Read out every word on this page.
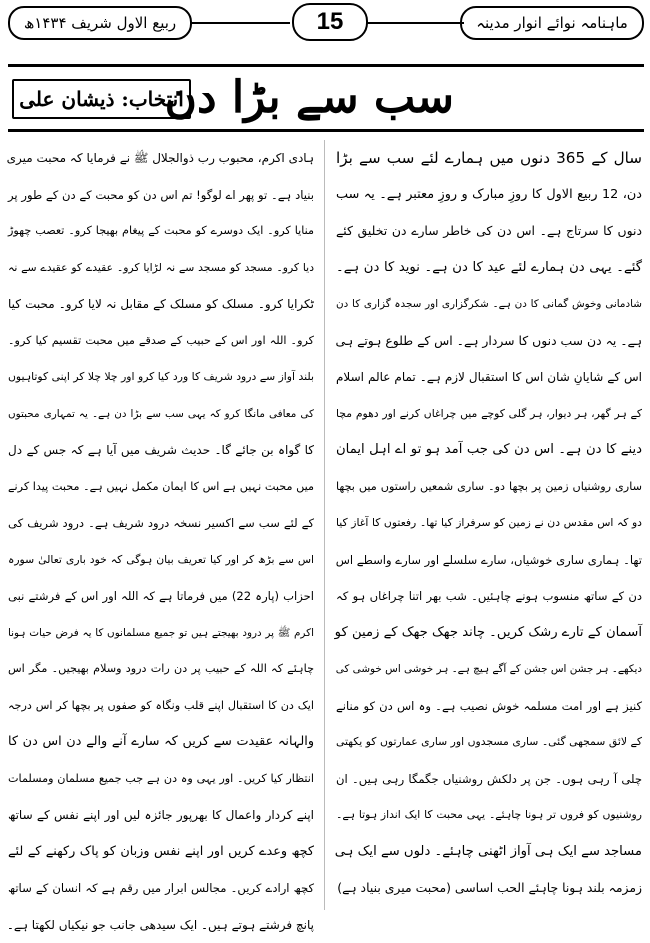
ماہنامہ نوائے انوار مدینہ
15
ربیع الاول شریف ۱۴۳۴ھ
سب سے بڑا دن
انتخاب: ذیشان علی
سال کے 365 دنوں میں ہمارے لئے سب سے بڑا
دن، 12 ربیع الاول کا روزِ مبارک و روزِ معتبر ہے۔ یہ سب
دنوں کا سرتاج ہے۔ اس دن کی خاطر سارے دن تخلیق کئے
گئے۔ یہی دن ہمارے لئے عید کا دن ہے۔ نوید کا دن ہے۔
شادمانی وخوش گمانی کا دن ہے۔ شکرگزاری اور سجدہ گزاری کا دن
ہے۔ یہ دن سب دنوں کا سردار ہے۔ اس کے طلوع ہوتے ہی
اس کے شایانِ شان اس کا استقبال لازم ہے۔ تمام عالم اسلام
کے ہر گھر، ہر دیوار، ہر گلی کوچے میں چراغاں کرنے اور دھوم مچا
دینے کا دن ہے۔ اس دن کی جب آمد ہو تو اے اہل ایمان
ساری روشنیاں زمین پر بچھا دو۔ ساری شمعیں راستوں میں بچھا
دو کہ اس مقدس دن نے زمین کو سرفراز کیا تھا۔ رفعتوں کا آغاز کیا
تھا۔ ہماری ساری خوشیاں، سارے سلسلے اور سارے واسطے اس
دن کے ساتھ منسوب ہونے چاہئیں۔ شب بھر اتنا چراغاں ہو کہ
آسمان کے تارے رشک کریں۔ چاند جھک جھک کے زمین کو
دیکھے۔ ہر جشن اس جشن کے آگے ہیچ ہے۔ ہر خوشی اس خوشی کی
کنیز ہے اور امت مسلمہ خوش نصیب ہے۔ وہ اس دن کو منانے
کے لائق سمجھی گئی۔ ساری مسجدوں اور ساری عمارتوں کو یکھتی
چلی آ رہی ہوں۔ جن پر دلکش روشنیاں جگمگا رہی ہیں۔ ان
روشنیوں کو فروں تر ہونا چاہئے۔ یہی محبت کا ایک انداز ہوتا ہے۔
مساجد سے ایک ہی آواز اٹھنی چاہئے۔ دلوں سے ایک ہی
زمزمہ بلند ہونا چاہئے الحب اساسی (محبت میری بنیاد ہے)
ہادی اکرم، محبوب رب ذوالجلال ﷺ نے فرمایا کہ محبت میری
بنیاد ہے۔ تو پھر اے لوگو! تم اس دن کو محبت کے دن کے طور پر
منایا کرو۔ ایک دوسرے کو محبت کے پیغام بھیجا کرو۔ تعصب چھوڑ
دیا کرو۔ مسجد کو مسجد سے نہ لڑایا کرو۔ عقیدے کو عقیدے سے نہ
ٹکرایا کرو۔ مسلک کو مسلک کے مقابل نہ لایا کرو۔ محبت کیا
کرو۔ اللہ اور اس کے حبیب کے صدقے میں محبت تقسیم کیا کرو۔
بلند آواز سے درود شریف کا ورد کیا کرو اور چلا چلا کر اپنی کوتاہیوں
کی معافی مانگا کرو کہ یہی سب سے بڑا دن ہے۔ یہ تمہاری محبتوں
کا گواہ بن جائے گا۔ حدیث شریف میں آیا ہے کہ جس کے دل
میں محبت نہیں ہے اس کا ایمان مکمل نہیں ہے۔ محبت پیدا کرنے
کے لئے سب سے اکسیر نسخہ درود شریف ہے۔ درود شریف کی
اس سے بڑھ کر اور کیا تعریف بیان ہوگی کہ خود باری تعالیٰ سورہ
احزاب (پارہ 22) میں فرماتا ہے کہ اللہ اور اس کے فرشتے نبی
اکرم ﷺ پر درود بھیجتے ہیں تو جمیع مسلمانوں کا یہ فرض حیات ہونا
چاہئے کہ اللہ کے حبیب پر دن رات درود وسلام بھیجیں۔ مگر اس
ایک دن کا استقبال اپنے قلب ونگاہ کو صفوں پر بچھا کر اس درجہ
والہانہ عقیدت سے کریں کہ سارے آنے والے دن اس دن کا
انتظار کیا کریں۔ اور یہی وہ دن ہے جب جمیع مسلمان ومسلمات
اپنے کردار واعمال کا بھرپور جائزہ لیں اور اپنے نفس کے ساتھ
کچھ وعدے کریں اور اپنے نفس وزبان کو پاک رکھنے کے لئے
کچھ ارادے کریں۔ مجالس ابرار میں رقم ہے کہ انسان کے ساتھ
پانچ فرشتے ہوتے ہیں۔ ایک سیدھی جانب جو نیکیاں لکھتا ہے۔
